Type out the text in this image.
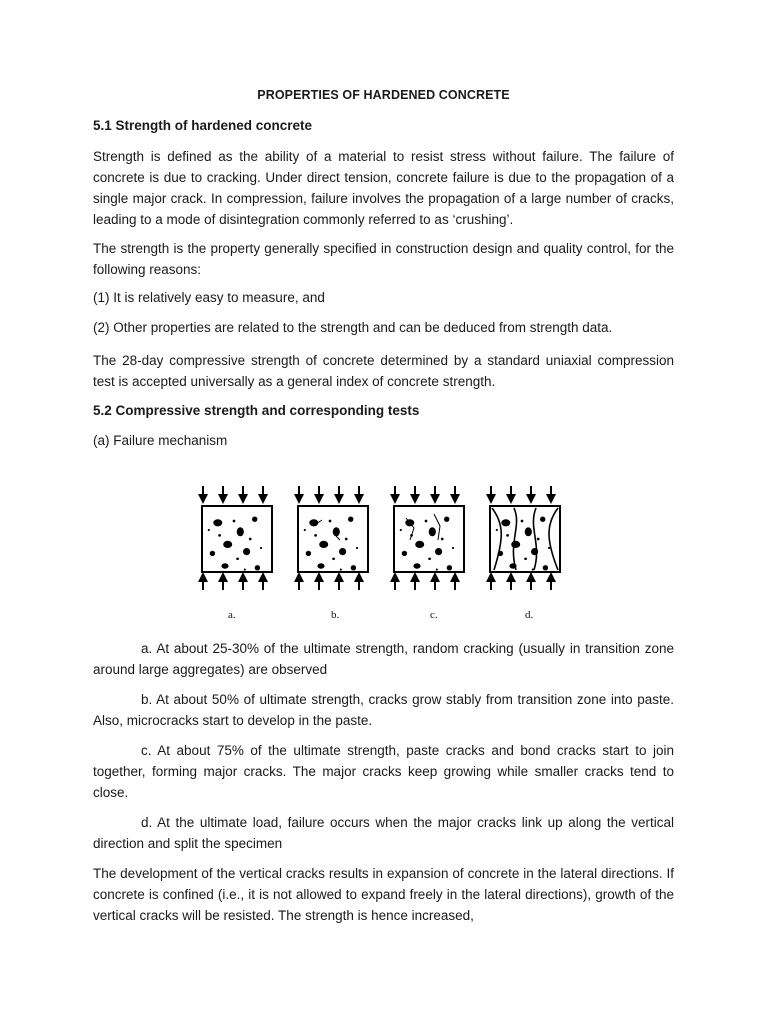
PROPERTIES OF HARDENED CONCRETE
5.1 Strength of hardened concrete

Strength is defined as the ability of a material to resist stress without failure. The failure of concrete is due to cracking. Under direct tension, concrete failure is due to the propagation of a single major crack. In compression, failure involves the propagation of a large number of cracks, leading to a mode of disintegration commonly referred to as ‘crushing’.

The strength is the property generally specified in construction design and quality control, for the following reasons:

(1) It is relatively easy to measure, and
(2) Other properties are related to the strength and can be deduced from strength data.

The 28-day compressive strength of concrete determined by a standard uniaxial compression test is accepted universally as a general index of concrete strength.

5.2 Compressive strength and corresponding tests
(a) Failure mechanism
a.	b.	c.	d.

a. At about 25-30% of the ultimate strength, random cracking (usually in transition zone around large aggregates) are observed

b. At about 50% of ultimate strength, cracks grow stably from transition zone into paste. Also, microcracks start to develop in the paste.

c. At about 75% of the ultimate strength, paste cracks and bond cracks start to join together, forming major cracks. The major cracks keep growing while smaller cracks tend to close.

d. At the ultimate load, failure occurs when the major cracks link up along the vertical direction and split the specimen

The development of the vertical cracks results in expansion of concrete in the lateral directions. If concrete is confined (i.e., it is not allowed to expand freely in the lateral directions), growth of the vertical cracks will be resisted. The strength is hence increased,
